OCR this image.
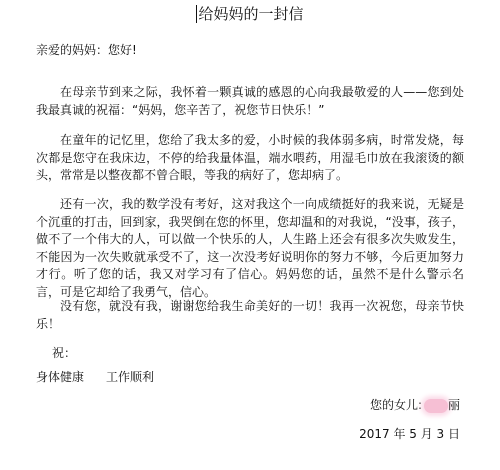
给妈妈的一封信
亲爱的妈妈：您好!

在母亲节到来之际，我怀着一颗真诚的感恩的心向我最敬爱的人——您到处我最真诚的祝福：“妈妈，您辛苦了，祝您节日快乐！”

在童年的记忆里，您给了我太多的爱，小时候的我体弱多病，时常发烧，每次都是您守在我床边，不停的给我量体温，端水喂药，用湿毛巾放在我滚烫的额头，常常是以整夜都不曾合眼，等我的病好了，您却病了。

还有一次，我的数学没有考好，这对我这个一向成绩挺好的我来说，无疑是个沉重的打击，回到家，我哭倒在您的怀里，您却温和的对我说，“没事，孩子，做不了一个伟大的人，可以做一个快乐的人，人生路上还会有很多次失败发生，不能因为一次失败就承受不了，这一次没考好说明你的努力不够，今后更加努力才行。听了您的话，我又对学习有了信心。妈妈您的话，虽然不是什么警示名言，可是它却给了我勇气，信心。

没有您，就没有我，谢谢您给我生命美好的一切！我再一次祝您，母亲节快乐！

祝：
身体健康 工作顺利
您的女儿: 丽
2017 年 5 月 3 日
